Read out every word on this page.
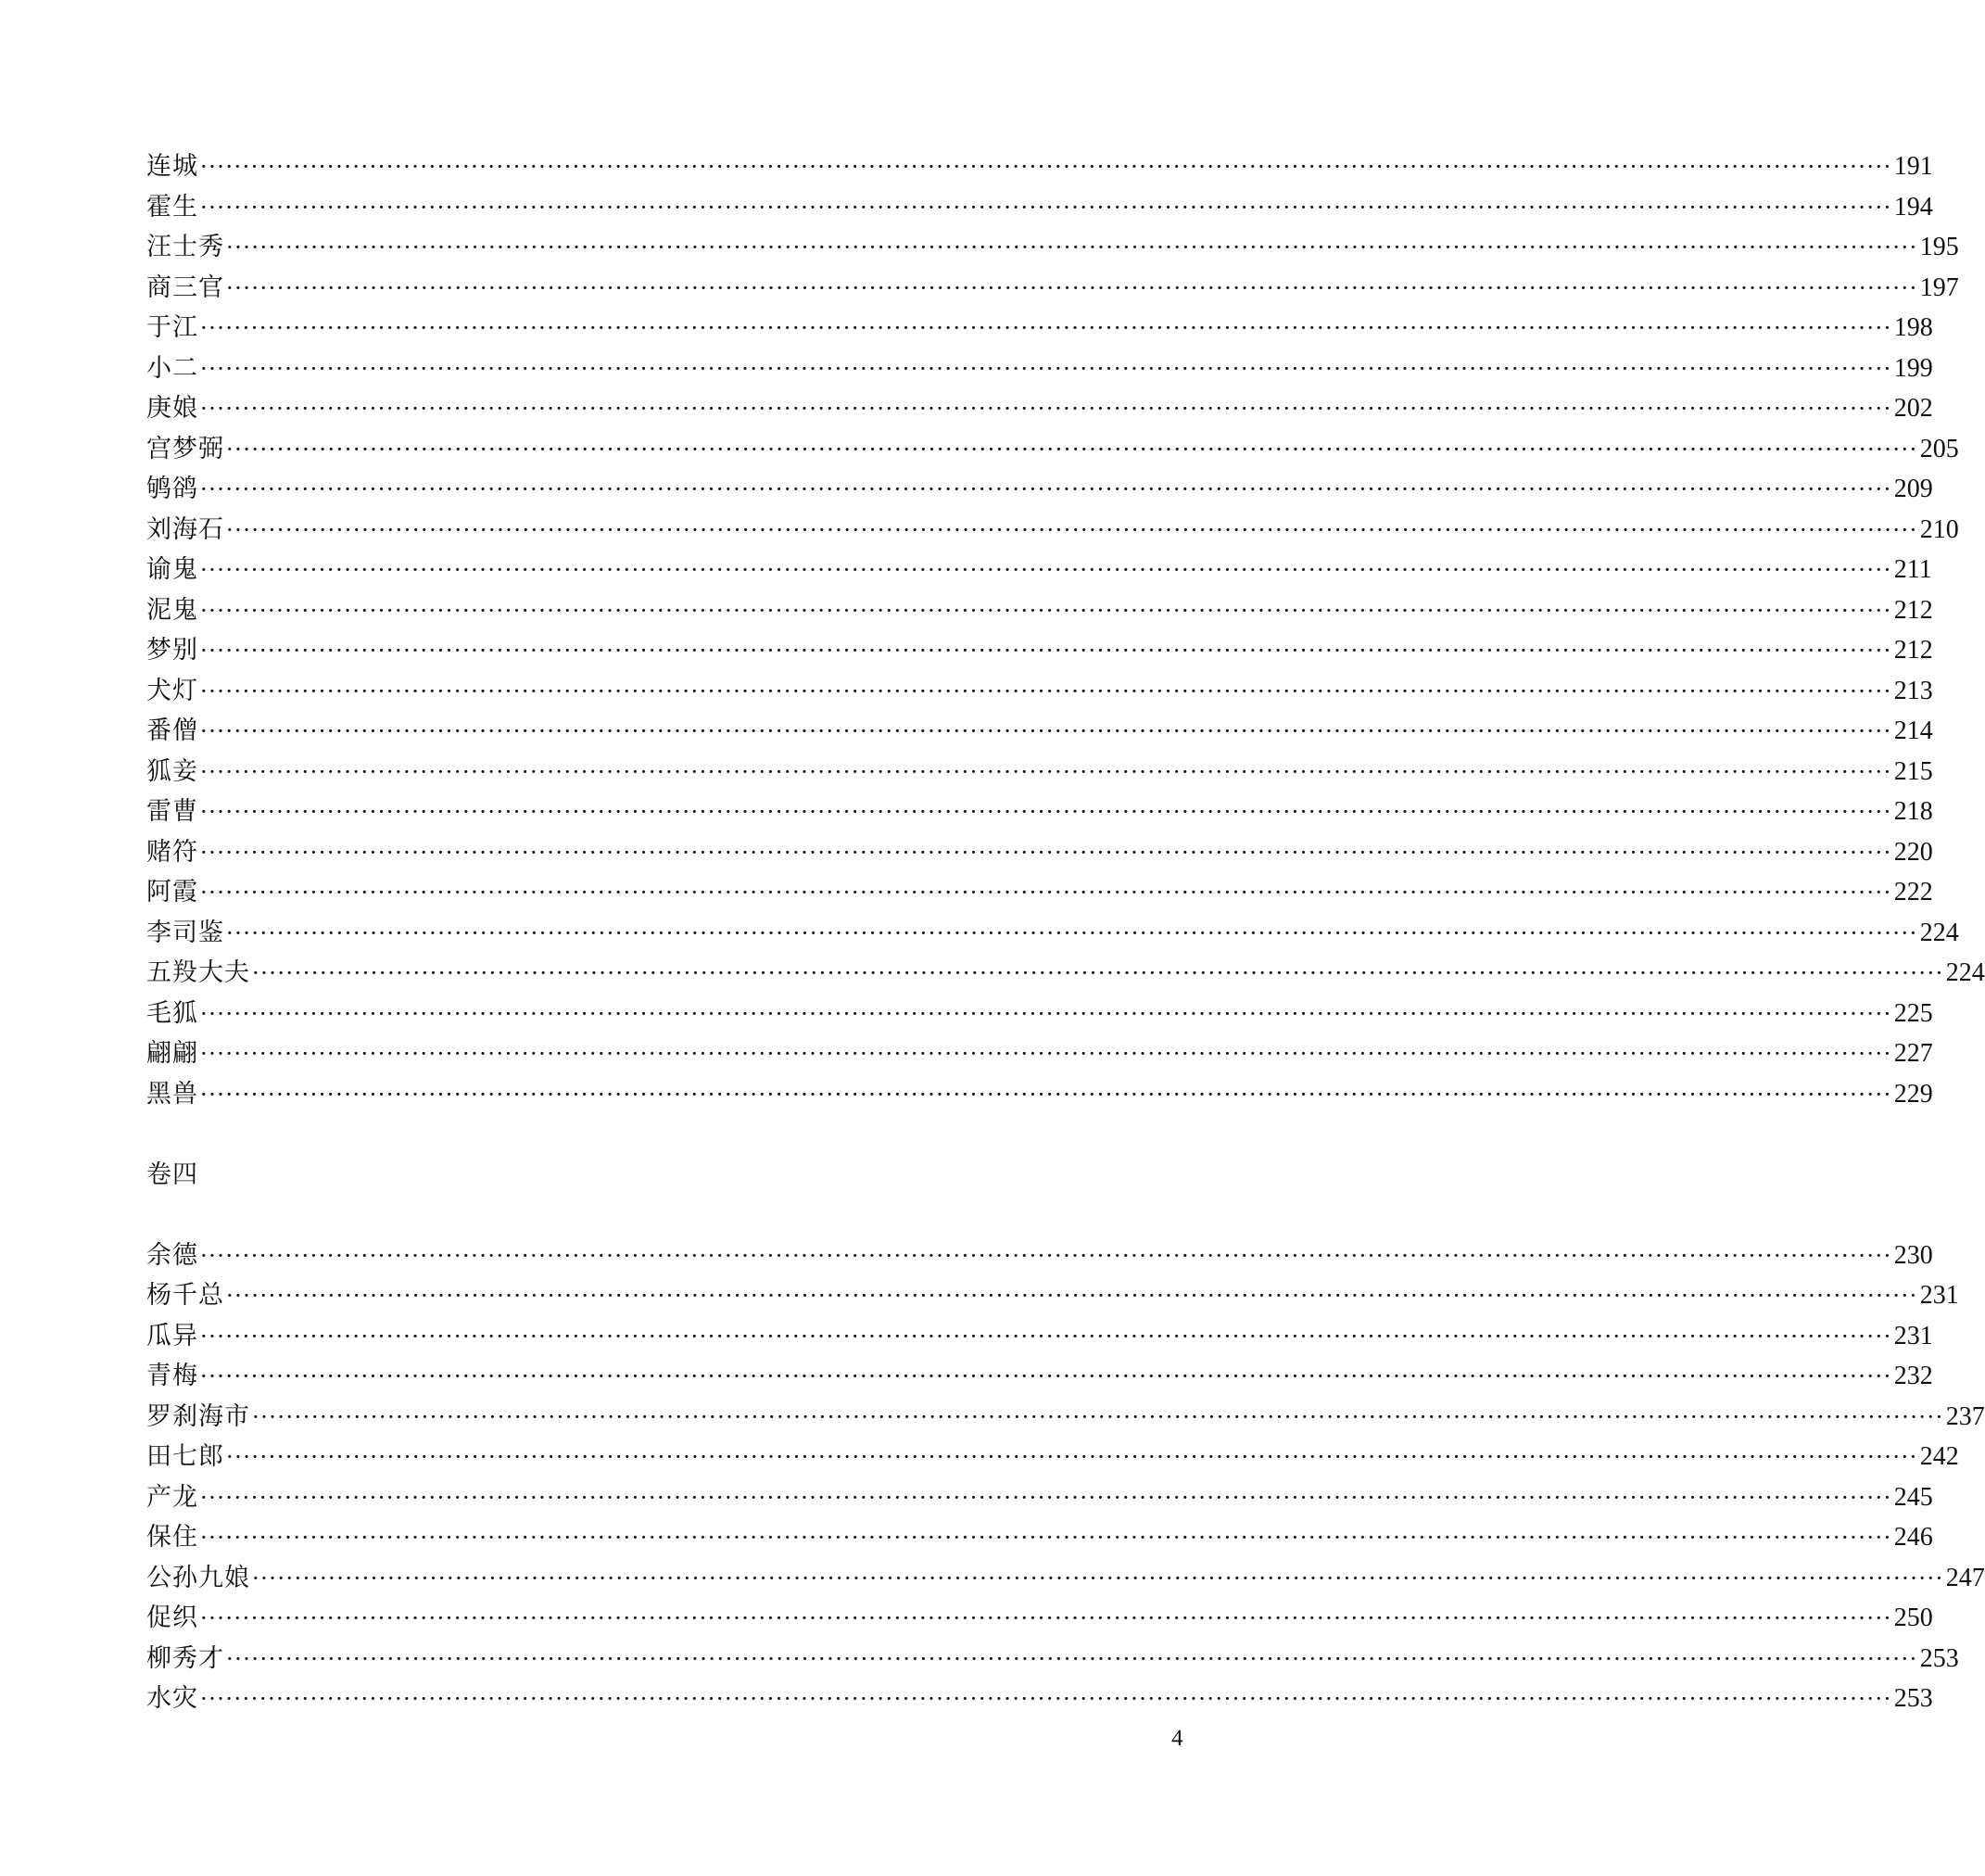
连城 ········································································································································································································ 191
霍生 ········································································································································································································ 194
汪士秀 ········································································································································································································ 195
商三官 ········································································································································································································ 197
于江 ········································································································································································································ 198
小二 ········································································································································································································ 199
庚娘 ········································································································································································································ 202
宫梦弼 ········································································································································································································ 205
鸲鹆 ········································································································································································································ 209
刘海石 ········································································································································································································ 210
谕鬼 ········································································································································································································ 211
泥鬼 ········································································································································································································ 212
梦别 ········································································································································································································ 212
犬灯 ········································································································································································································ 213
番僧 ········································································································································································································ 214
狐妾 ········································································································································································································ 215
雷曹 ········································································································································································································ 218
赌符 ········································································································································································································ 220
阿霞 ········································································································································································································ 222
李司鉴 ········································································································································································································ 224
五羖大夫 ········································································································································································································ 224
毛狐 ········································································································································································································ 225
翩翩 ········································································································································································································ 227
黑兽 ········································································································································································································ 229
卷四
余德 ········································································································································································································ 230
杨千总 ········································································································································································································ 231
瓜异 ········································································································································································································ 231
青梅 ········································································································································································································ 232
罗刹海市 ········································································································································································································ 237
田七郎 ········································································································································································································ 242
产龙 ········································································································································································································ 245
保住 ········································································································································································································ 246
公孙九娘 ········································································································································································································ 247
促织 ········································································································································································································ 250
柳秀才 ········································································································································································································ 253
水灾 ········································································································································································································ 253
4
